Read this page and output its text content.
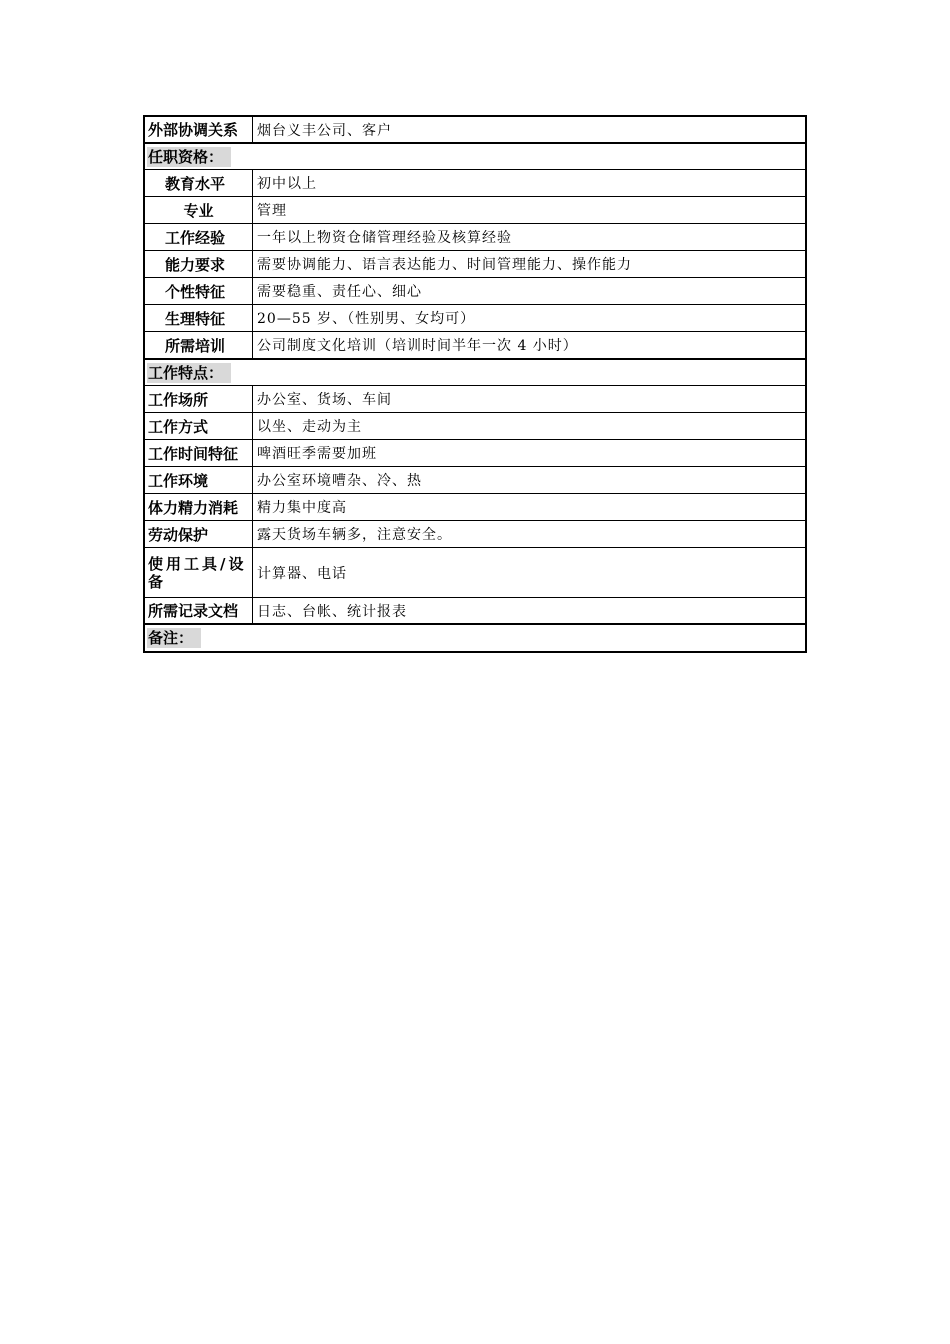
外部协调关系	烟台义丰公司、客户
任职资格：
教育水平	初中以上
专业	管理
工作经验	一年以上物资仓储管理经验及核算经验
能力要求	需要协调能力、语言表达能力、时间管理能力、操作能力
个性特征	需要稳重、责任心、细心
生理特征	20—55 岁、（性别男、女均可）
所需培训	公司制度文化培训（培训时间半年一次 4 小时）
工作特点：
工作场所	办公室、货场、车间
工作方式	以坐、走动为主
工作时间特征	啤酒旺季需要加班
工作环境	办公室环境嘈杂、冷、热
体力精力消耗	精力集中度高
劳动保护	露天货场车辆多，注意安全。
使用工具/设备	计算器、电话
所需记录文档	日志、台帐、统计报表
备注：
